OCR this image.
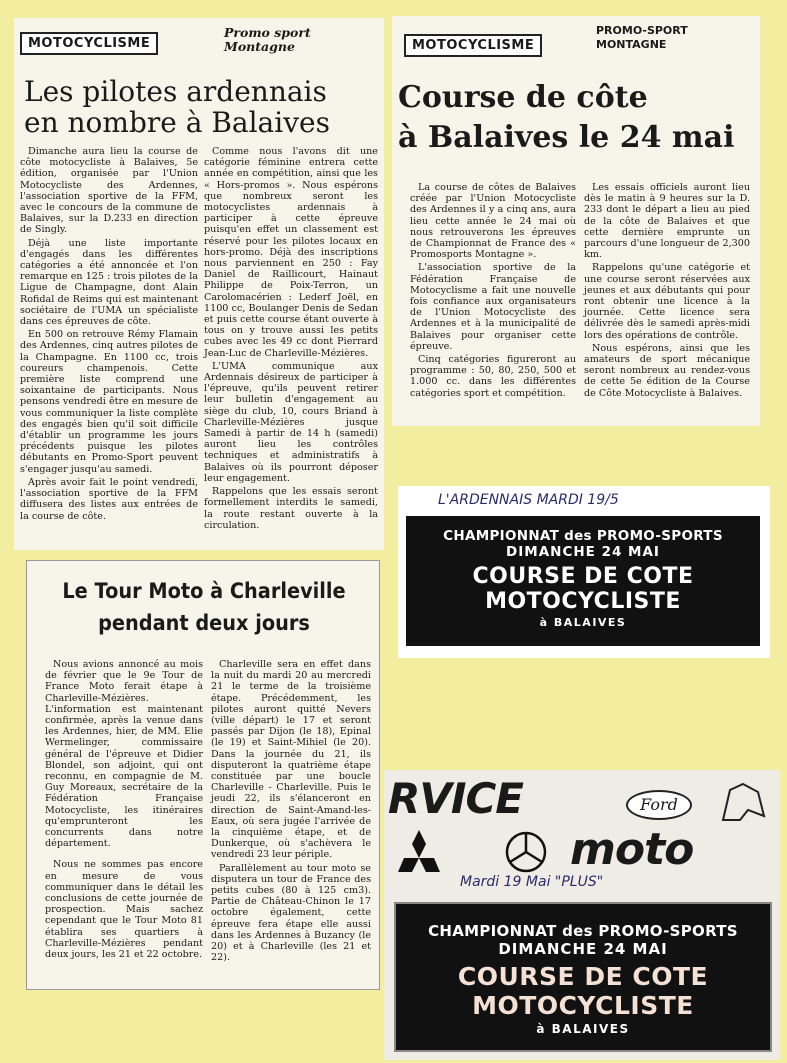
MOTOCYCLISME
Promo sport
Montagne
Les pilotes ardennais
en nombre à Balaives

Dimanche aura lieu la course de côte motocycliste à Balaives, 5e édition, organisée par l'Union Motocycliste des Ardennes, l'association sportive de la FFM, avec le concours de la commune de Balaives, sur la D.233 en direction de Singly.

Déjà une liste importante d'engagés dans les différentes catégories a été annoncée et l'on remarque en 125 : trois pilotes de la Ligue de Champagne, dont Alain Rofidal de Reims qui est maintenant sociétaire de l'UMA un spécialiste dans ces épreuves de côte.

En 500 on retrouve Rémy Flamain des Ardennes, cinq autres pilotes de la Champagne. En 1100 cc, trois coureurs champenois. Cette première liste comprend une soixantaine de participants. Nous pensons vendredi être en mesure de vous communiquer la liste complète des engagés bien qu'il soit difficile d'établir un programme les jours précédents puisque les pilotes débutants en Promo-Sport peuvent s'engager jusqu'au samedi.

Après avoir fait le point vendredi, l'association sportive de la FFM diffusera des listes aux entrées de la course de côte.

Comme nous l'avons dit une catégorie féminine entrera cette année en compétition, ainsi que les « Hors-promos ». Nous espérons que nombreux seront les motocyclistes ardennais à participer à cette épreuve puisqu'en effet un classement est réservé pour les pilotes locaux en hors-promo. Déjà des inscriptions nous parviennent en 250 : Fay Daniel de Raillicourt, Hainaut Philippe de Poix-Terron, un Carolomacérien : Lederf Joël, en 1100 cc, Boulanger Denis de Sedan et puis cette course étant ouverte à tous on y trouve aussi les petits cubes avec les 49 cc dont Pierrard Jean-Luc de Charleville-Mézières.

L'UMA communique aux Ardennais désireux de participer à l'épreuve, qu'ils peuvent retirer leur bulletin d'engagement au siège du club, 10, cours Briand à Charleville-Mézières jusque Samedi à partir de 14 h (samedi) auront lieu les contrôles techniques et administratifs à Balaives où ils pourront déposer leur engagement.

Rappelons que les essais seront formellement interdits le samedi, la route restant ouverte à la circulation.

Le Tour Moto à Charleville
pendant deux jours

Nous avions annoncé au mois de février que le 9e Tour de France Moto ferait étape à Charleville-Mézières. L'information est maintenant confirmée, après la venue dans les Ardennes, hier, de MM. Elie Wermelinger, commissaire général de l'épreuve et Didier Blondel, son adjoint, qui ont reconnu, en compagnie de M. Guy Moreaux, secrétaire de la Fédération Française Motocycliste, les itinéraires qu'emprunteront les concurrents dans notre département.

Nous ne sommes pas encore en mesure de vous communiquer dans le détail les conclusions de cette journée de prospection. Mais sachez cependant que le Tour Moto 81 établira ses quartiers à Charleville-Mézières pendant deux jours, les 21 et 22 octobre.

Charleville sera en effet dans la nuit du mardi 20 au mercredi 21 le terme de la troisième étape. Précédemment, les pilotes auront quitté Nevers (ville départ) le 17 et seront passés par Dijon (le 18), Epinal (le 19) et Saint-Mihiel (le 20). Dans la journée du 21, ils disputeront la quatrième étape constituée par une boucle Charleville - Charleville. Puis le jeudi 22, ils s'élanceront en direction de Saint-Amand-les-Eaux, où sera jugée l'arrivée de la cinquième étape, et de Dunkerque, où s'achèvera le vendredi 23 leur périple.

Parallèlement au tour moto se disputera un tour de France des petits cubes (80 à 125 cm3). Partie de Château-Chinon le 17 octobre également, cette épreuve fera étape elle aussi dans les Ardennes à Buzancy (le 20) et à Charleville (les 21 et 22).

MOTOCYCLISME
PROMO-SPORT
MONTAGNE
Course de côte
à Balaives le 24 mai

La course de côtes de Balaives créée par l'Union Motocycliste des Ardennes il y a cinq ans, aura lieu cette année le 24 mai où nous retrouverons les épreuves de Championnat de France des « Promosports Montagne ».

L'association sportive de la Fédération Française de Motocyclisme a fait une nouvelle fois confiance aux organisateurs de l'Union Motocycliste des Ardennes et à la municipalité de Balaives pour organiser cette épreuve.

Cinq catégories figureront au programme : 50, 80, 250, 500 et 1.000 cc. dans les différentes catégories sport et compétition.

Les essais officiels auront lieu dès le matin à 9 heures sur la D. 233 dont le départ a lieu au pied de la côte de Balaives et que cette dernière emprunte un parcours d'une longueur de 2,300 km.

Rappelons qu'une catégorie et une course seront réservées aux jeunes et aux débutants qui pour ront obtenir une licence à la journée. Cette licence sera délivrée dès le samedi après-midi lors des opérations de contrôle.

Nous espérons, ainsi que les amateurs de sport mécanique seront nombreux au rendez-vous de cette 5e édition de la Course de Côte Motocycliste à Balaives.

L'ARDENNAIS MARDI 19/5
CHAMPIONNAT des PROMO-SPORTS
DIMANCHE 24 MAI
COURSE DE COTE
MOTOCYCLISTE
à BALAIVES
RVICE	Ford
moto
Mardi 19 Mai "PLUS"
CHAMPIONNAT des PROMO-SPORTS
DIMANCHE 24 MAI
COURSE DE COTE
MOTOCYCLISTE
à BALAIVES
